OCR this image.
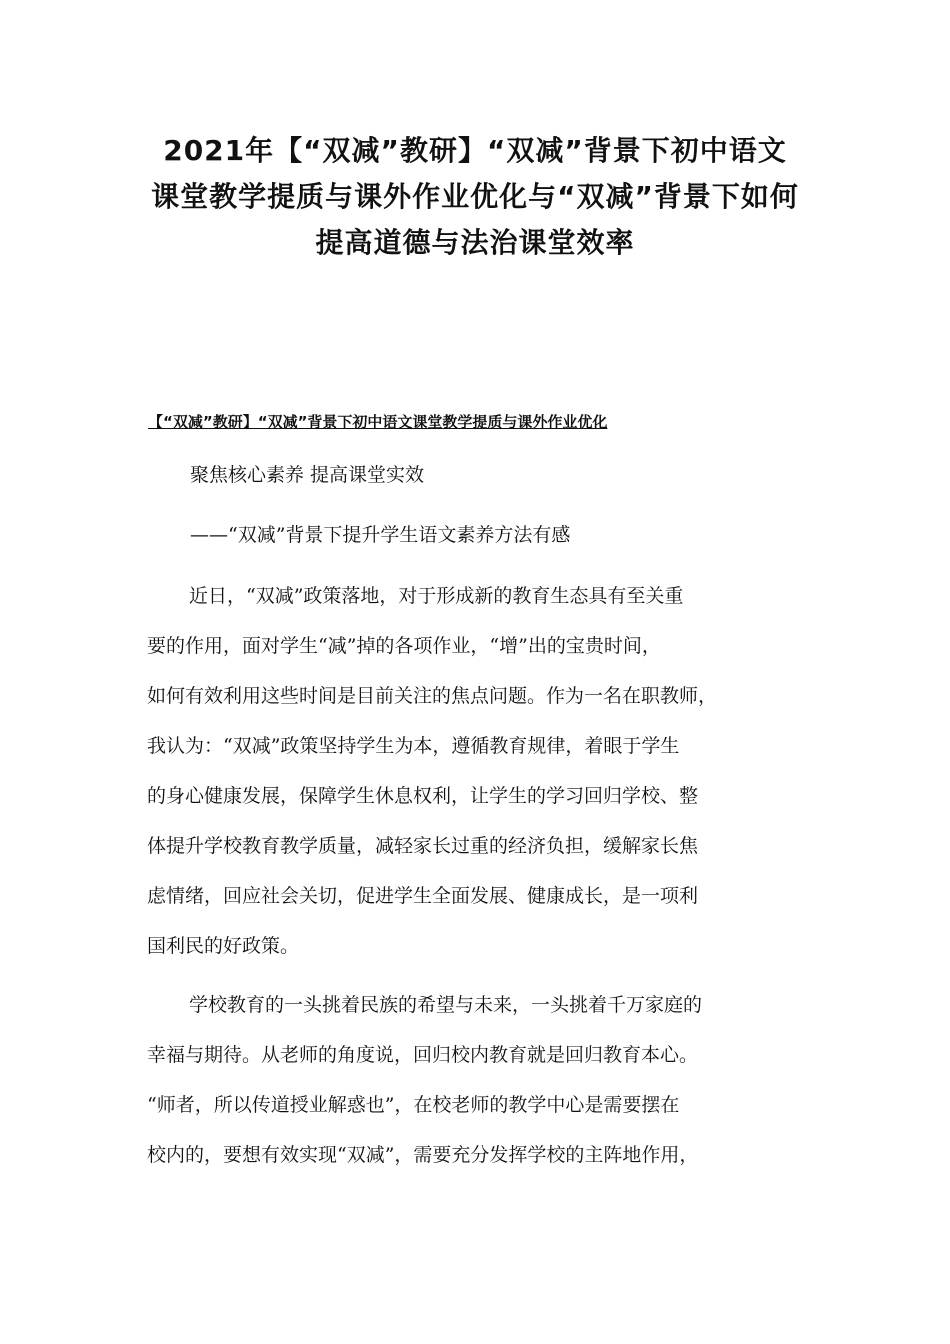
2021年【“双减”教研】“双减”背景下初中语文
课堂教学提质与课外作业优化与“双减”背景下如何
提高道德与法治课堂效率
【“双减”教研】“双减”背景下初中语文课堂教学提质与课外作业优化

聚焦核心素养 提高课堂实效

——“双减”背景下提升学生语文素养方法有感

近日，“双减”政策落地，对于形成新的教育生态具有至关重
要的作用，面对学生“减”掉的各项作业，“增”出的宝贵时间，
如何有效利用这些时间是目前关注的焦点问题。作为一名在职教师，
我认为：“双减”政策坚持学生为本，遵循教育规律，着眼于学生
的身心健康发展，保障学生休息权利，让学生的学习回归学校、整
体提升学校教育教学质量，减轻家长过重的经济负担，缓解家长焦
虑情绪，回应社会关切，促进学生全面发展、健康成长，是一项利
国利民的好政策。
学校教育的一头挑着民族的希望与未来，一头挑着千万家庭的
幸福与期待。从老师的角度说，回归校内教育就是回归教育本心。
“师者，所以传道授业解惑也”，在校老师的教学中心是需要摆在
校内的，要想有效实现“双减”，需要充分发挥学校的主阵地作用，
